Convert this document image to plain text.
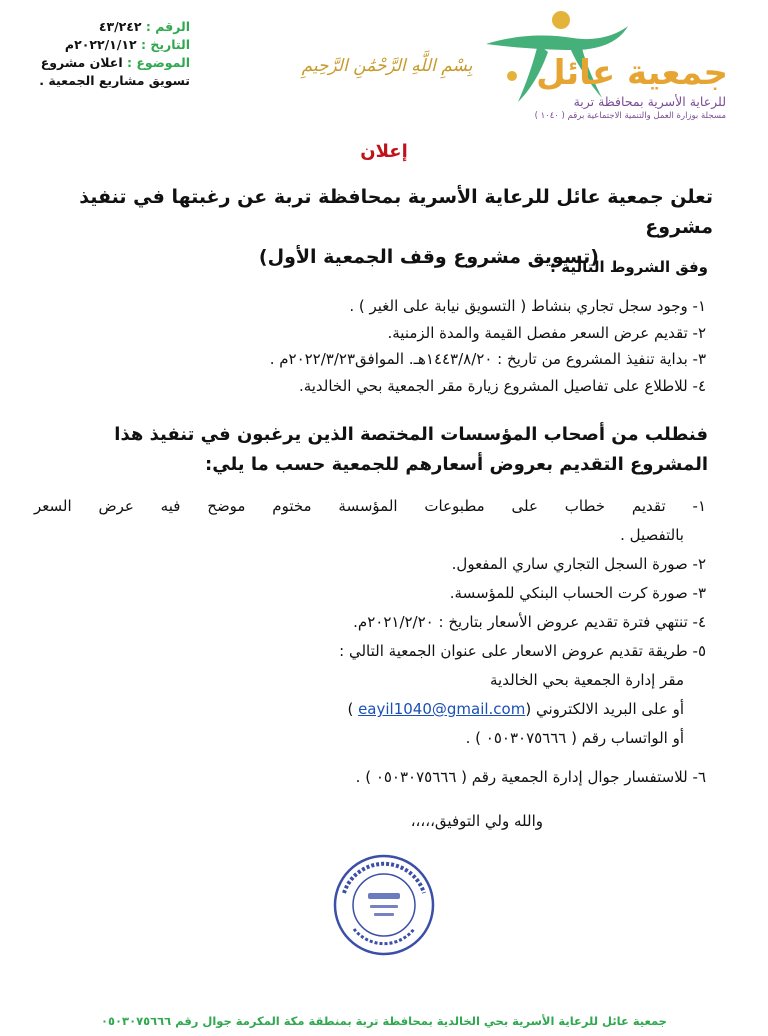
جمعية عائل
للرعاية الأسرية بمحافظة تربة
مسجلة بوزارة العمل والتنمية الاجتماعية برقم ( ١٠٤٠ )
بِسْمِ اللَّهِ الرَّحْمَٰنِ الرَّحِيمِ
الرقم : ٤٣/٢٤٢
التاريخ : ٢٠٢٢/١/١٢م
الموضوع : اعلان مشروع
تسويق مشاريع الجمعية .
إعلان
تعلن جمعية عائل للرعاية الأسرية بمحافظة تربة عن رغبتها في تنفيذ مشروع
(تسويق مشروع وقف الجمعية الأول)
وفق الشروط التالية :
١- وجود سجل تجاري بنشاط ( التسويق نيابة على الغير ) .
٢- تقديم عرض السعر مفصل القيمة والمدة الزمنية.
٣- بداية تنفيذ المشروع من تاريخ : ١٤٤٣/٨/٢٠هـ. الموافق٢٠٢٢/٣/٢٣م .
٤- للاطلاع على تفاصيل المشروع زيارة مقر الجمعية بحي الخالدية.
فنطلب من أصحاب المؤسسات المختصة الذين يرغبون في تنفيذ هذا
المشروع التقديم بعروض أسعارهم للجمعية حسب ما يلي:
١- تقديم خطاب على مطبوعات المؤسسة مختوم موضح فيه عرض السعر
بالتفصيل .
٢- صورة السجل التجاري ساري المفعول.
٣- صورة كرت الحساب البنكي للمؤسسة.
٤- تنتهي فترة تقديم عروض الأسعار بتاريخ : ٢٠٢١/٢/٢٠م.
٥- طريقة تقديم عروض الاسعار على عنوان الجمعية التالي :
مقر إدارة الجمعية بحي الخالدية
أو على البريد الالكتروني (eayil1040@gmail.com )
أو الواتساب رقم ( ٠٥٠٣٠٧٥٦٦٦ ) .
٦- للاستفسار جوال إدارة الجمعية رقم ( ٠٥٠٣٠٧٥٦٦٦ ) .
والله ولي التوفيق،،،،،
جمعية عائل للرعاية الأسرية بحي الخالدية بمحافظة تربة بمنطقة مكة المكرمة جوال رقم ٠٥٠٣٠٧٥٦٦٦
